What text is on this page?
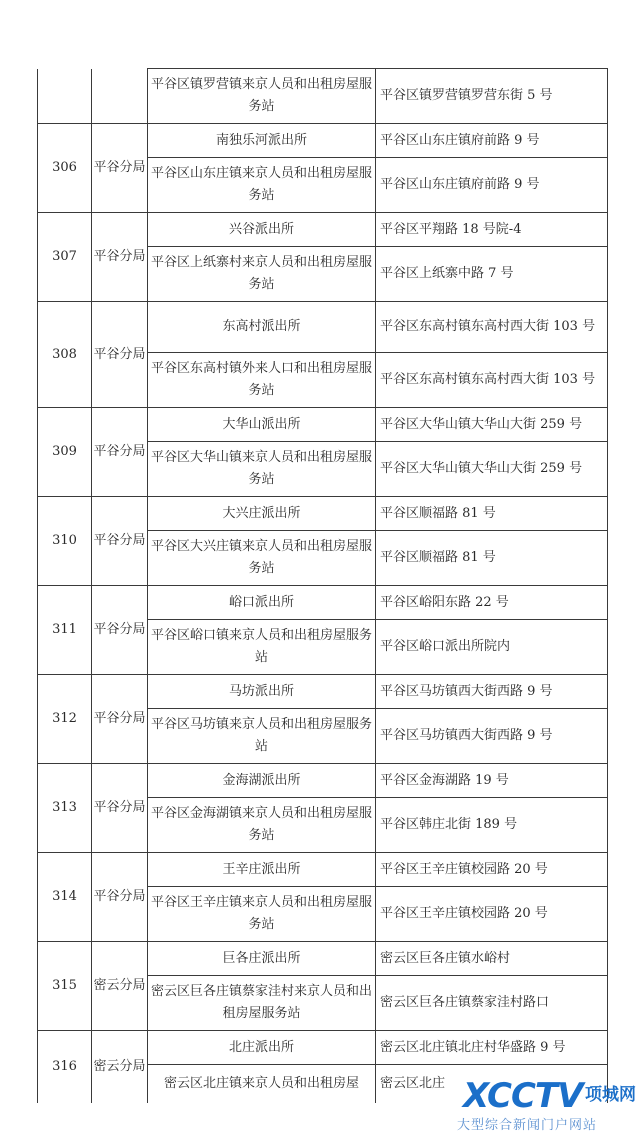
		平谷区镇罗营镇来京人员和出租房屋服务站	平谷区镇罗营镇罗营东街 5 号
306	平谷分局	南独乐河派出所	平谷区山东庄镇府前路 9 号
		平谷区山东庄镇来京人员和出租房屋服务站	平谷区山东庄镇府前路 9 号
307	平谷分局	兴谷派出所	平谷区平翔路 18 号院-4
		平谷区上纸寨村来京人员和出租房屋服务站	平谷区上纸寨中路 7 号
308	平谷分局	东高村派出所	平谷区东高村镇东高村西大街 103 号
		平谷区东高村镇外来人口和出租房屋服务站	平谷区东高村镇东高村西大街 103 号
309	平谷分局	大华山派出所	平谷区大华山镇大华山大街 259 号
		平谷区大华山镇来京人员和出租房屋服务站	平谷区大华山镇大华山大街 259 号
310	平谷分局	大兴庄派出所	平谷区顺福路 81 号
		平谷区大兴庄镇来京人员和出租房屋服务站	平谷区顺福路 81 号
311	平谷分局	峪口派出所	平谷区峪阳东路 22 号
		平谷区峪口镇来京人员和出租房屋服务站	平谷区峪口派出所院内
312	平谷分局	马坊派出所	平谷区马坊镇西大街西路 9 号
		平谷区马坊镇来京人员和出租房屋服务站	平谷区马坊镇西大街西路 9 号
313	平谷分局	金海湖派出所	平谷区金海湖路 19 号
		平谷区金海湖镇来京人员和出租房屋服务站	平谷区韩庄北街 189 号
314	平谷分局	王辛庄派出所	平谷区王辛庄镇校园路 20 号
		平谷区王辛庄镇来京人员和出租房屋服务站	平谷区王辛庄镇校园路 20 号
315	密云分局	巨各庄派出所	密云区巨各庄镇水峪村
		密云区巨各庄镇蔡家洼村来京人员和出租房屋服务站	密云区巨各庄镇蔡家洼村路口
316	密云分局	北庄派出所	密云区北庄镇北庄村华盛路 9 号
		密云区北庄镇来京人员和出租房屋	密云区北庄 XCCTV 项城网
大型综合新闻门户网站
